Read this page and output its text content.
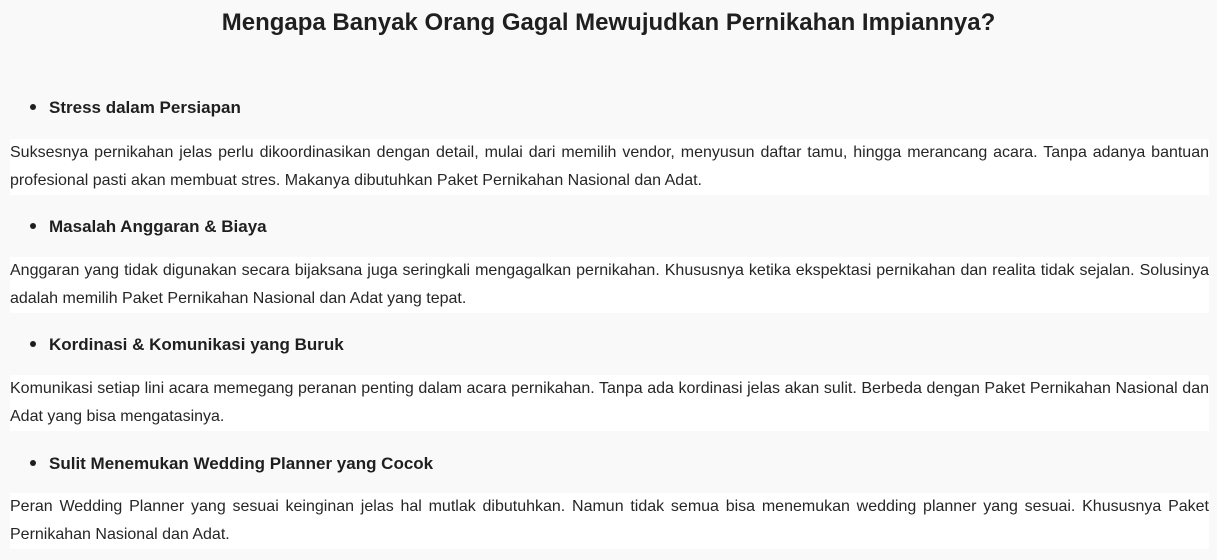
Mengapa Banyak Orang Gagal Mewujudkan Pernikahan Impiannya?
Stress dalam Persiapan

Suksesnya pernikahan jelas perlu dikoordinasikan dengan detail, mulai dari memilih vendor, menyusun daftar tamu, hingga merancang acara. Tanpa adanya bantuan profesional pasti akan membuat stres. Makanya dibutuhkan Paket Pernikahan Nasional dan Adat.

Masalah Anggaran & Biaya

Anggaran yang tidak digunakan secara bijaksana juga seringkali mengagalkan pernikahan. Khususnya ketika ekspektasi pernikahan dan realita tidak sejalan. Solusinya adalah memilih Paket Pernikahan Nasional dan Adat yang tepat.

Kordinasi & Komunikasi yang Buruk

Komunikasi setiap lini acara memegang peranan penting dalam acara pernikahan. Tanpa ada kordinasi jelas akan sulit. Berbeda dengan Paket Pernikahan Nasional dan Adat yang bisa mengatasinya.

Sulit Menemukan Wedding Planner yang Cocok

Peran Wedding Planner yang sesuai keinginan jelas hal mutlak dibutuhkan. Namun tidak semua bisa menemukan wedding planner yang sesuai. Khususnya Paket Pernikahan Nasional dan Adat.
